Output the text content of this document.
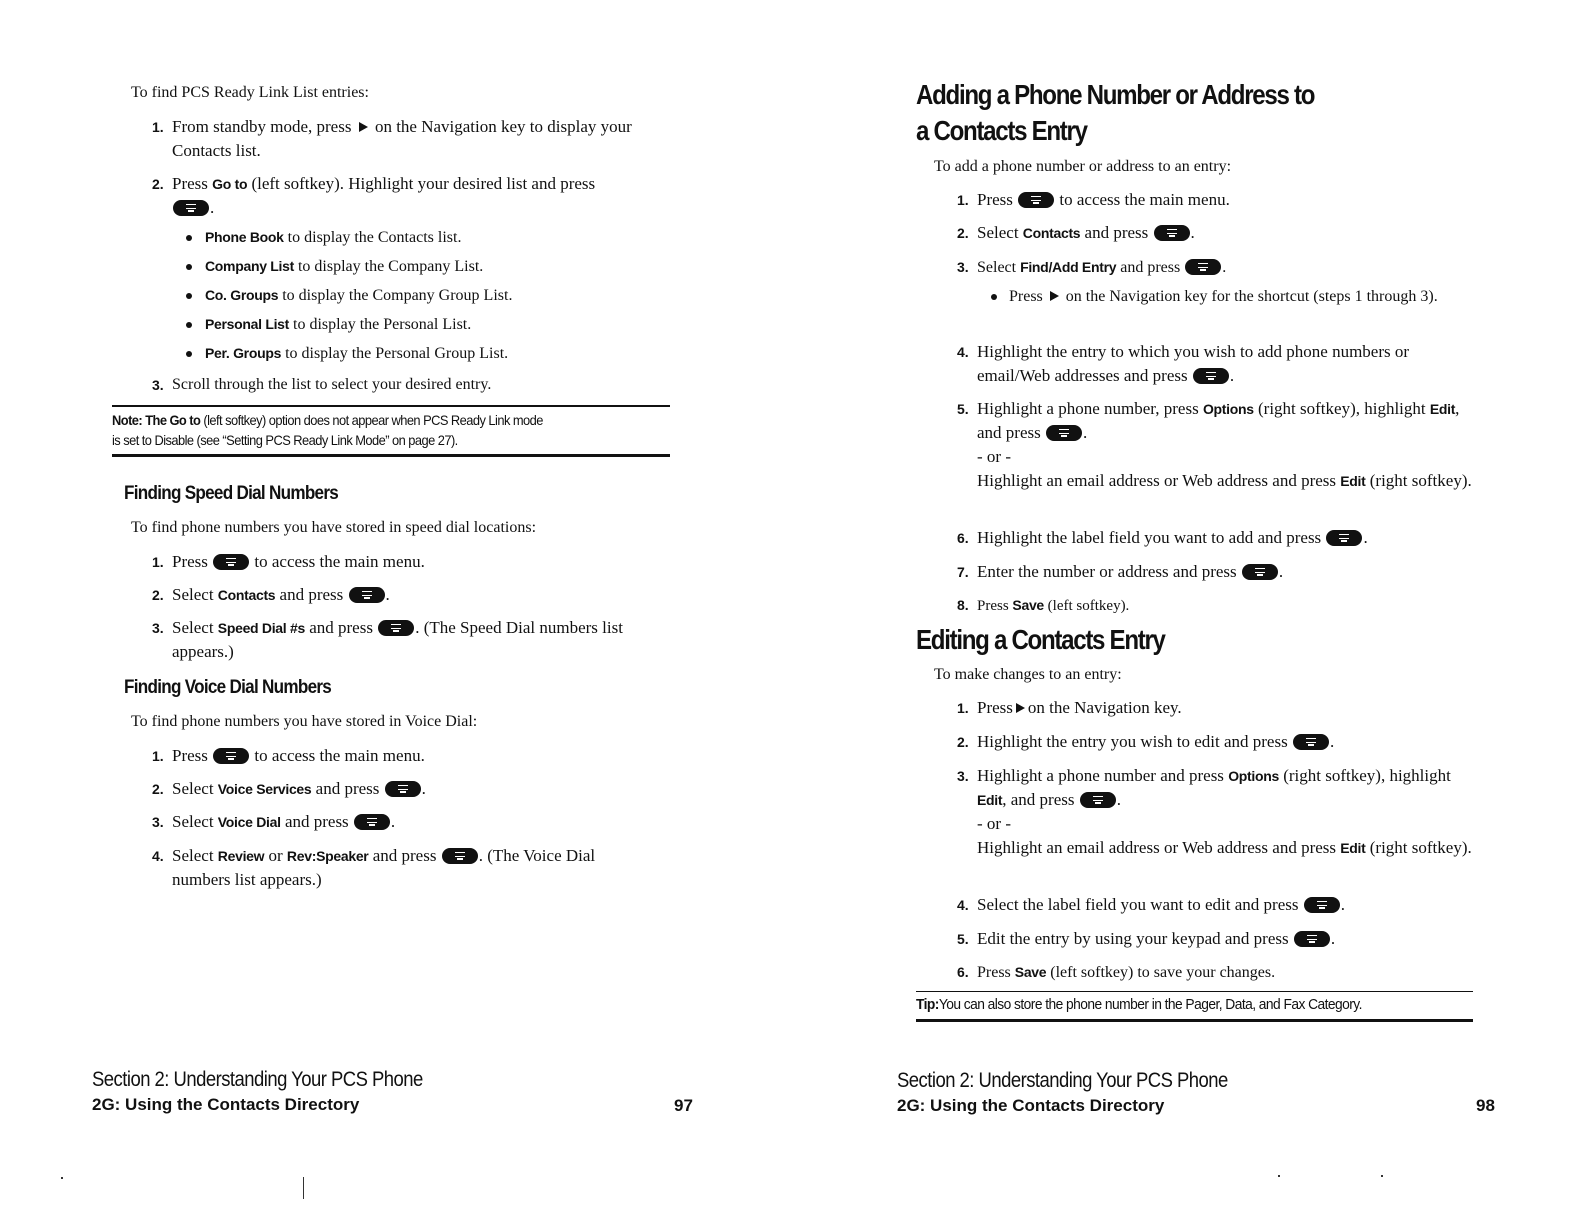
To find PCS Ready Link List entries:
1. From standby mode, press on the Navigation key to display your Contacts list.
2. Press Go to (left softkey). Highlight your desired list and press .
Phone Book to display the Contacts list.
Company List to display the Company List.
Co. Groups to display the Company Group List.
Personal List to display the Personal List.
Per. Groups to display the Personal Group List.
3. Scroll through the list to select your desired entry.
Note: The Go to (left softkey) option does not appear when PCS Ready Link mode
is set to Disable (see “Setting PCS Ready Link Mode” on page 27).
Finding Speed Dial Numbers
To find phone numbers you have stored in speed dial locations:
1. Press	to access the main menu.
2. Select Contacts and press .
3. Select Speed Dial #s and press . (The Speed Dial numbers list appears.)
Finding Voice Dial Numbers
To find phone numbers you have stored in Voice Dial:
1. Press	to access the main menu.
2. Select Voice Services and press .
3. Select Voice Dial and press .
4. Select Review or Rev:Speaker and press . (The Voice Dial numbers list appears.)
Section 2: Understanding Your PCS Phone
2G: Using the Contacts Directory	97
Adding a Phone Number or Address to
a Contacts Entry
To add a phone number or address to an entry:
1. Press	to access the main menu.
2. Select Contacts and press .
3. Select Find/Add Entry and press	.
Press on the Navigation key for the shortcut (steps 1 through 3).
4. Highlight the entry to which you wish to add phone numbers or email/Web addresses and press .
5. Highlight a phone number, press Options (right softkey), highlight Edit, and press .
- or -
Highlight an email address or Web address and press Edit (right softkey).
6. Highlight the label field you want to add and press .
7. Enter the number or address and press .
8. Press Save (left softkey).
Editing a Contacts Entry
To make changes to an entry:
1. Press on the Navigation key.
2. Highlight the entry you wish to edit and press .
3. Highlight a phone number and press Options (right softkey), highlight Edit, and press .
- or -
Highlight an email address or Web address and press Edit (right softkey).
4. Select the label field you want to edit and press .
5. Edit the entry by using your keypad and press .
6. Press Save (left softkey) to save your changes.
Tip:You can also store the phone number in the Pager, Data, and Fax Category.
Section 2: Understanding Your PCS Phone
2G: Using the Contacts Directory	98
